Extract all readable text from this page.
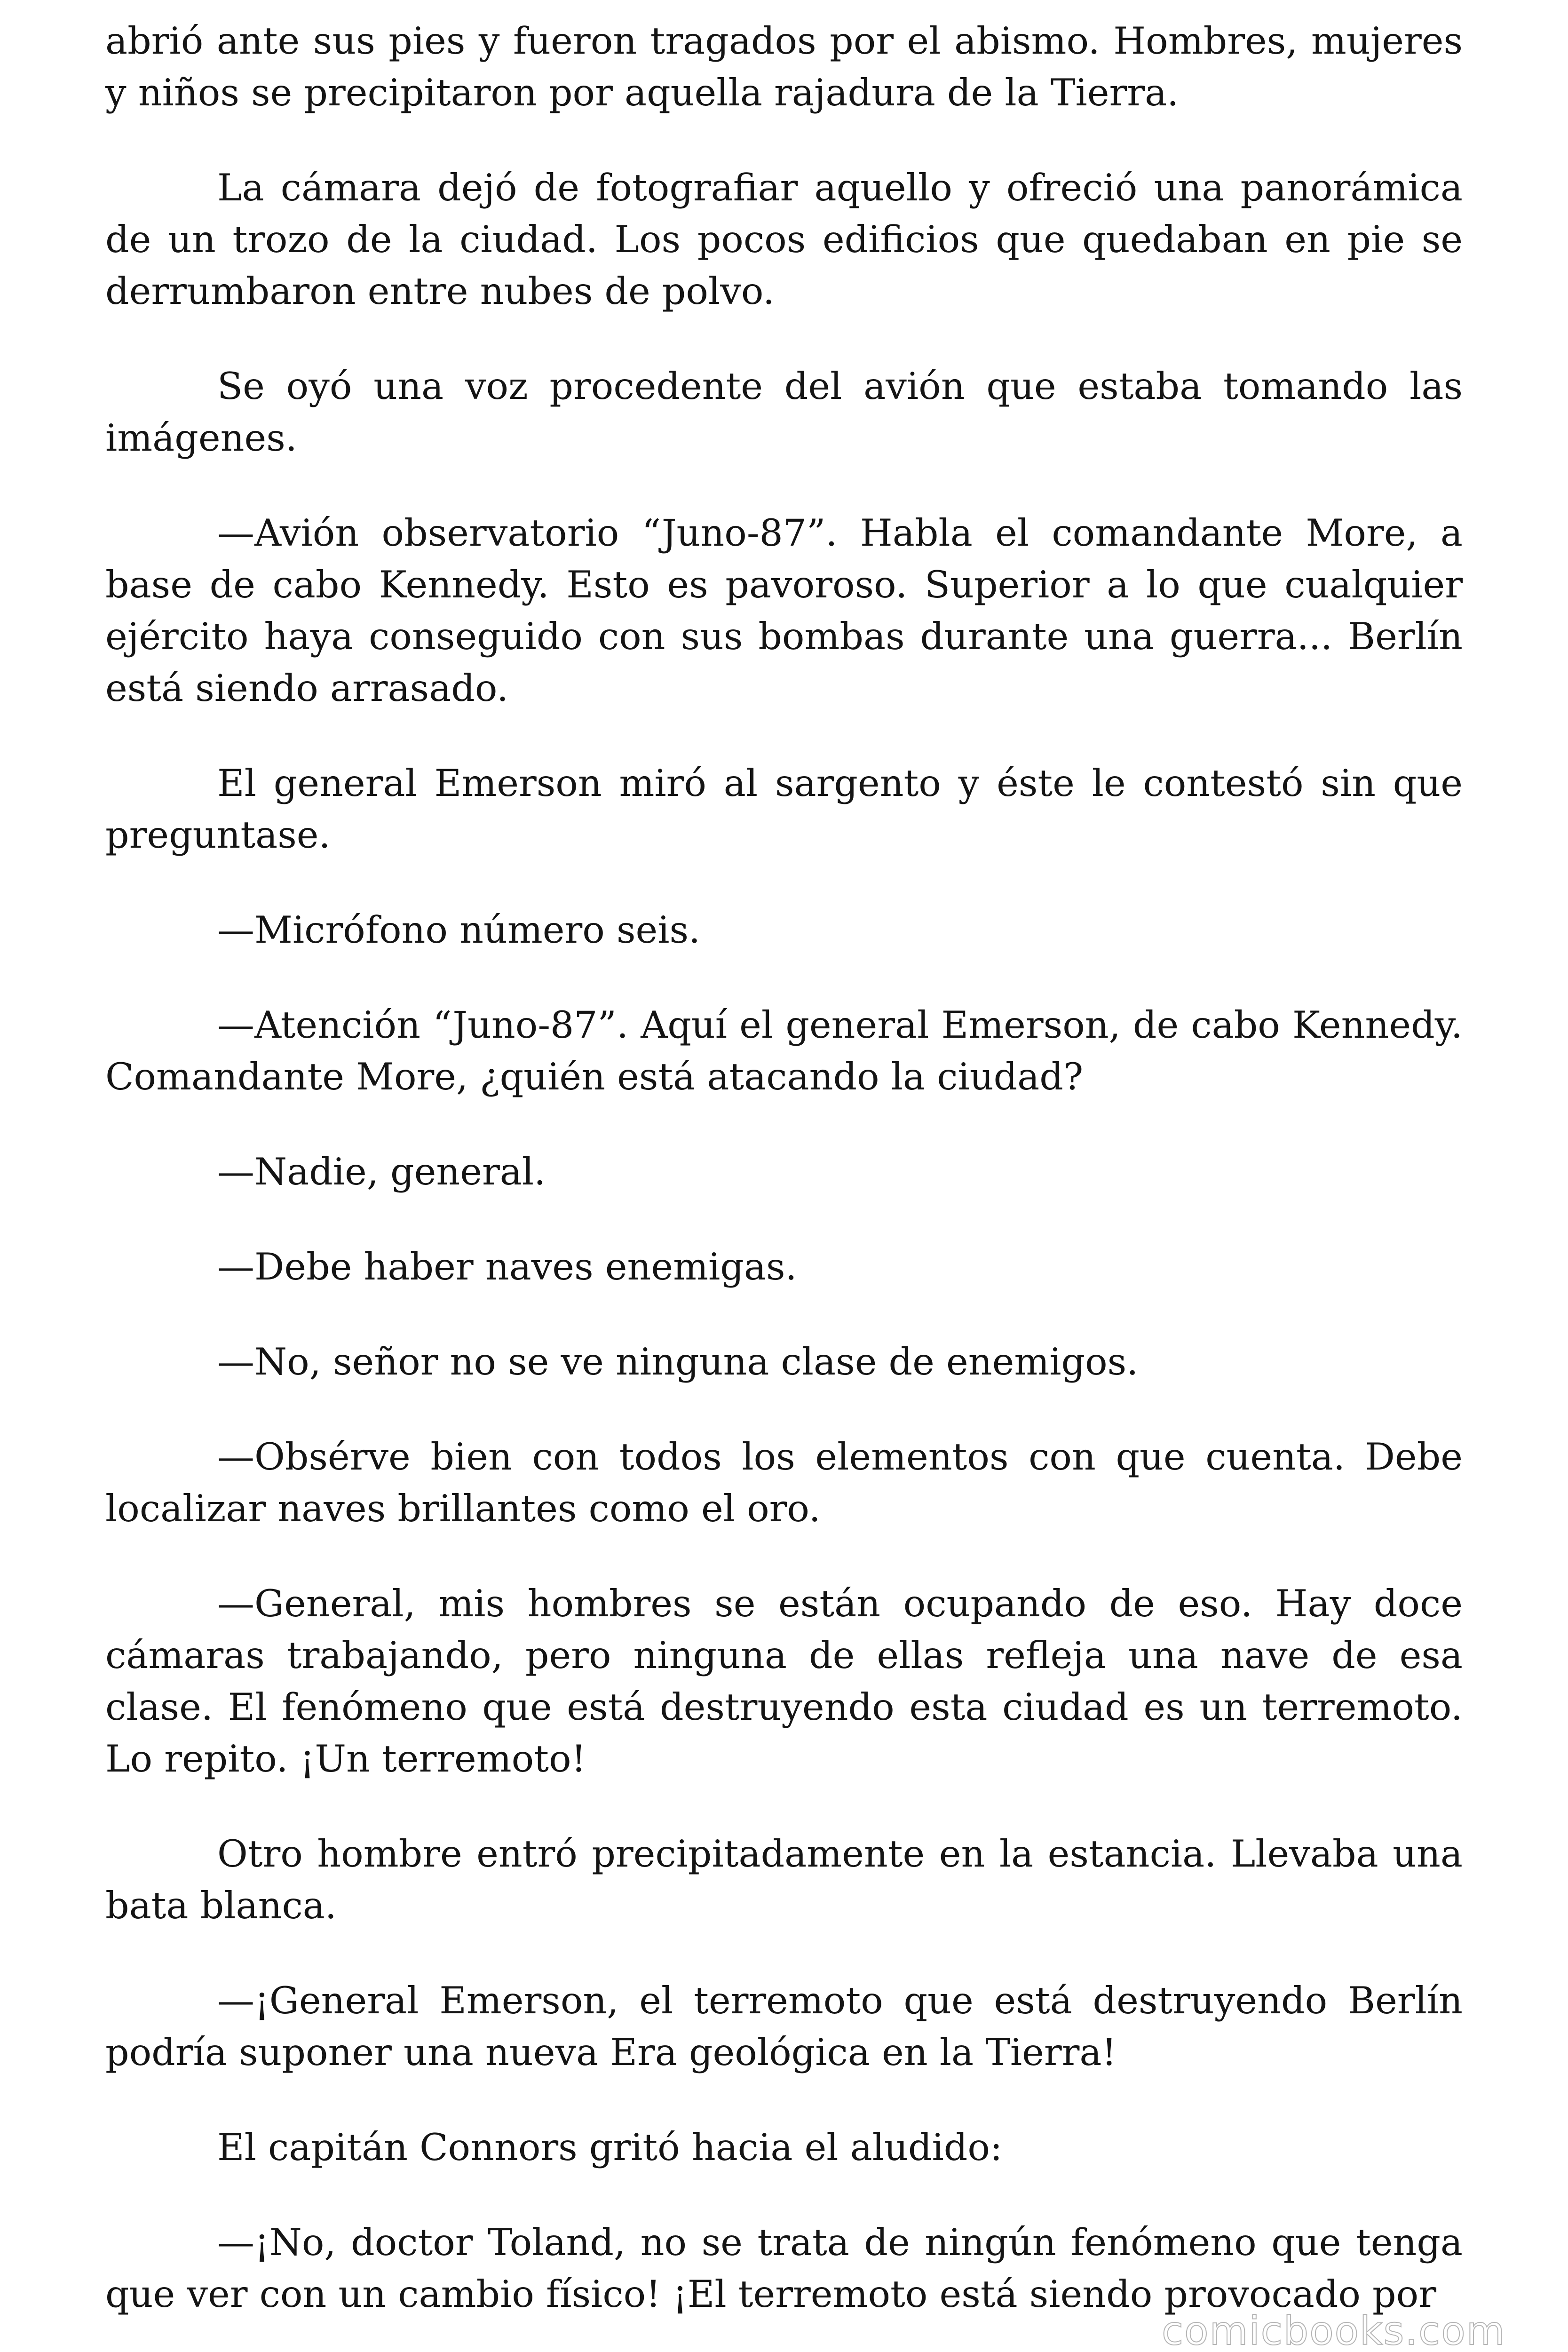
abrió ante sus pies y fueron tragados por el abismo. Hombres, mujeres y niños se precipitaron por aquella rajadura de la Tierra.

La cámara dejó de fotografiar aquello y ofreció una panorámica de un trozo de la ciudad. Los pocos edificios que quedaban en pie se derrumbaron entre nubes de polvo.

Se oyó una voz procedente del avión que estaba tomando las imágenes.

—Avión observatorio “Juno-87”. Habla el comandante More, a base de cabo Kennedy. Esto es pavoroso. Superior a lo que cualquier ejército haya conseguido con sus bombas durante una guerra... Berlín está siendo arrasado.

El general Emerson miró al sargento y éste le contestó sin que preguntase.

—Micrófono número seis.

—Atención “Juno-87”. Aquí el general Emerson, de cabo Kennedy. Comandante More, ¿quién está atacando la ciudad?

—Nadie, general.

—Debe haber naves enemigas.

—No, señor no se ve ninguna clase de enemigos.

—Obsérve bien con todos los elementos con que cuenta. Debe localizar naves brillantes como el oro.

—General, mis hombres se están ocupando de eso. Hay doce cámaras trabajando, pero ninguna de ellas refleja una nave de esa clase. El fenómeno que está destruyendo esta ciudad es un terremoto. Lo repito. ¡Un terremoto!

Otro hombre entró precipitadamente en la estancia. Llevaba una bata blanca.

—¡General Emerson, el terremoto que está destruyendo Berlín podría suponer una nueva Era geológica en la Tierra!

El capitán Connors gritó hacia el aludido:

—¡No, doctor Toland, no se trata de ningún fenómeno que tenga que ver con un cambio físico! ¡El terremoto está siendo provocado por

comicbooks.com
